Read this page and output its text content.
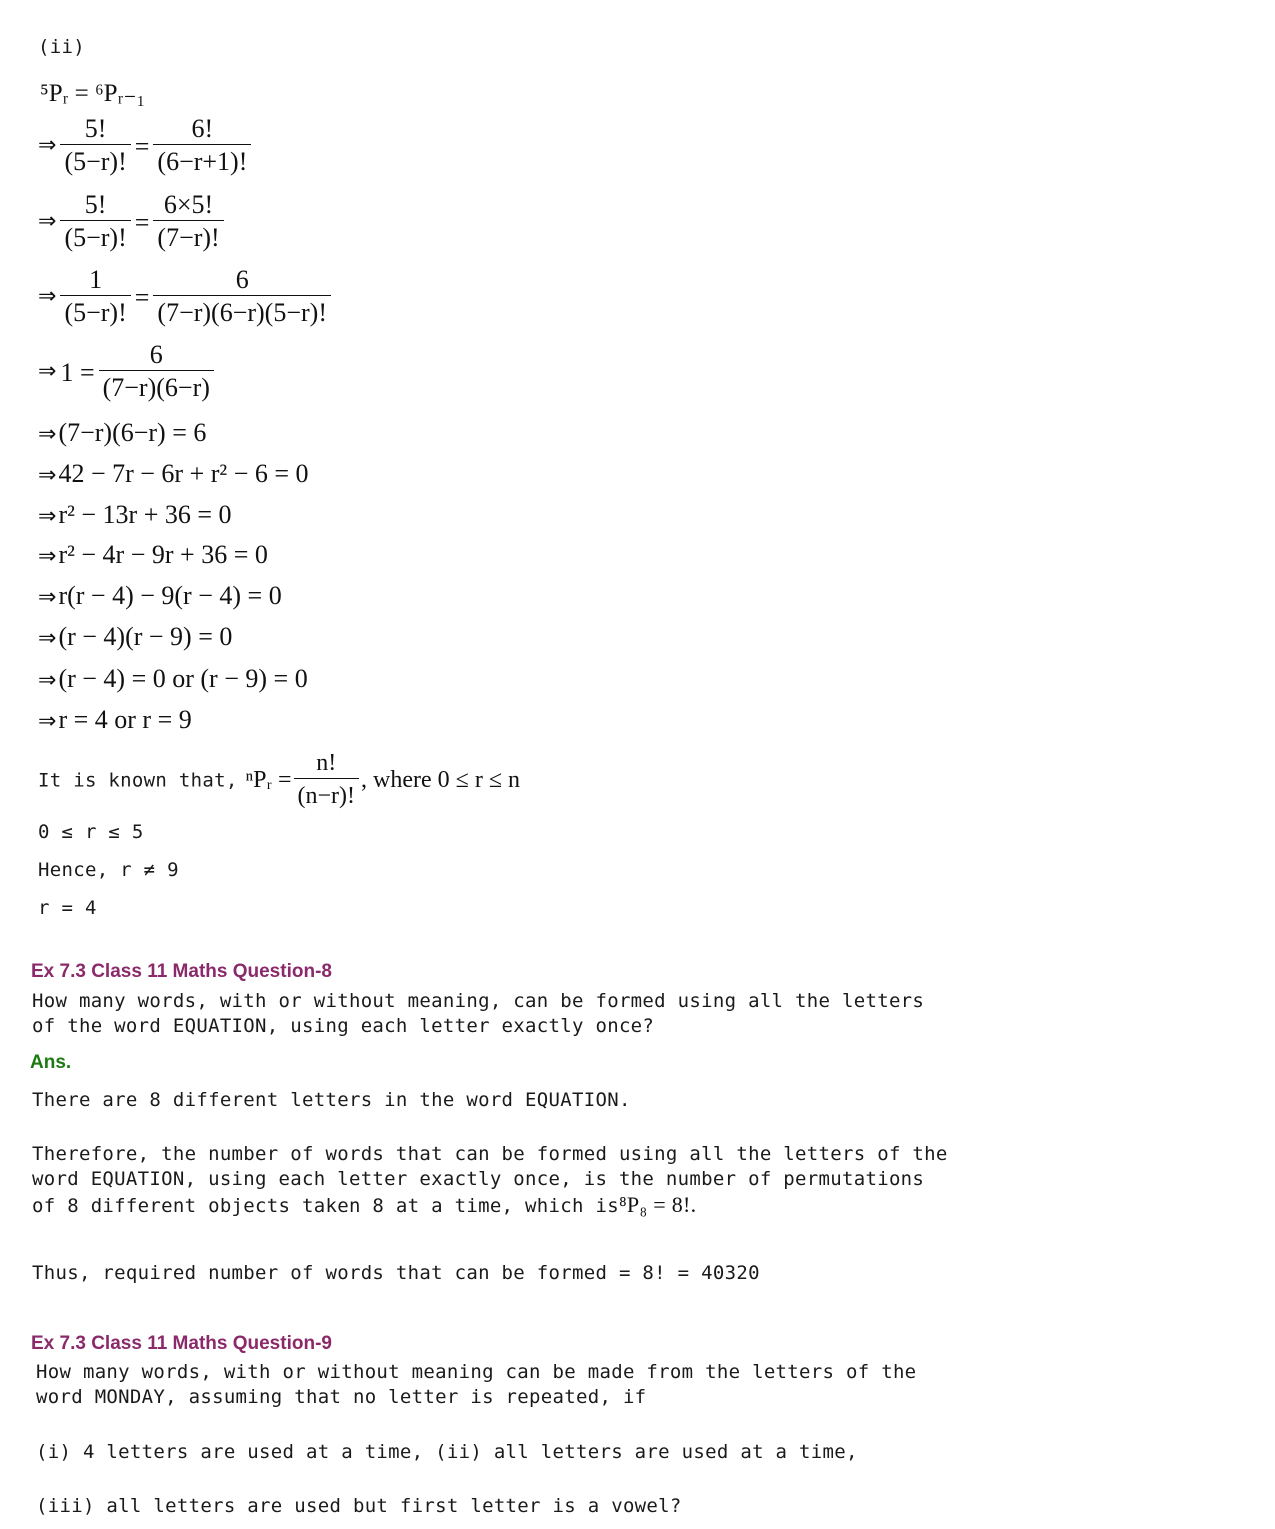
(ii)
⁵Pᵣ = ⁶Pᵣ₋₁
⇒ $\frac{5!}{(5-r)!} = \frac{6!}{(6-r+1)!}$
⇒ $\frac{5!}{(5-r)!} = \frac{6\times 5!}{(7-r)!}$
⇒ $\frac{1}{(5-r)!} = \frac{6}{(7-r)(6-r)(5-r)!}$
⇒ $1 = \frac{6}{(7-r)(6-r)}$
⇒(7−r)(6−r) = 6
⇒42 − 7r − 6r + r² − 6 = 0
⇒r² − 13r + 36 = 0
⇒r² − 4r − 9r + 36 = 0
⇒r(r − 4) − 9(r − 4) = 0
⇒(r − 4)(r − 9) = 0
⇒(r − 4) = 0 or (r − 9) = 0
⇒r = 4 or r = 9
It is known that, ⁿPᵣ = $\frac{n!}{(n-r)!}$ , where 0 ≤ r ≤ n
0 ≤ r ≤ 5
Hence, r ≠ 9
r = 4
Ex 7.3 Class 11 Maths Question-8
How many words, with or without meaning, can be formed using all the letters of the word EQUATION, using each letter exactly once?
Ans.
There are 8 different letters in the word EQUATION.
Therefore, the number of words that can be formed using all the letters of the word EQUATION, using each letter exactly once, is the number of permutations of 8 different objects taken 8 at a time, which is⁸P₈ = 8!.
Thus, required number of words that can be formed = 8! = 40320
Ex 7.3 Class 11 Maths Question-9
How many words, with or without meaning can be made from the letters of the word MONDAY, assuming that no letter is repeated, if
(i) 4 letters are used at a time, (ii) all letters are used at a time,
(iii) all letters are used but first letter is a vowel?
